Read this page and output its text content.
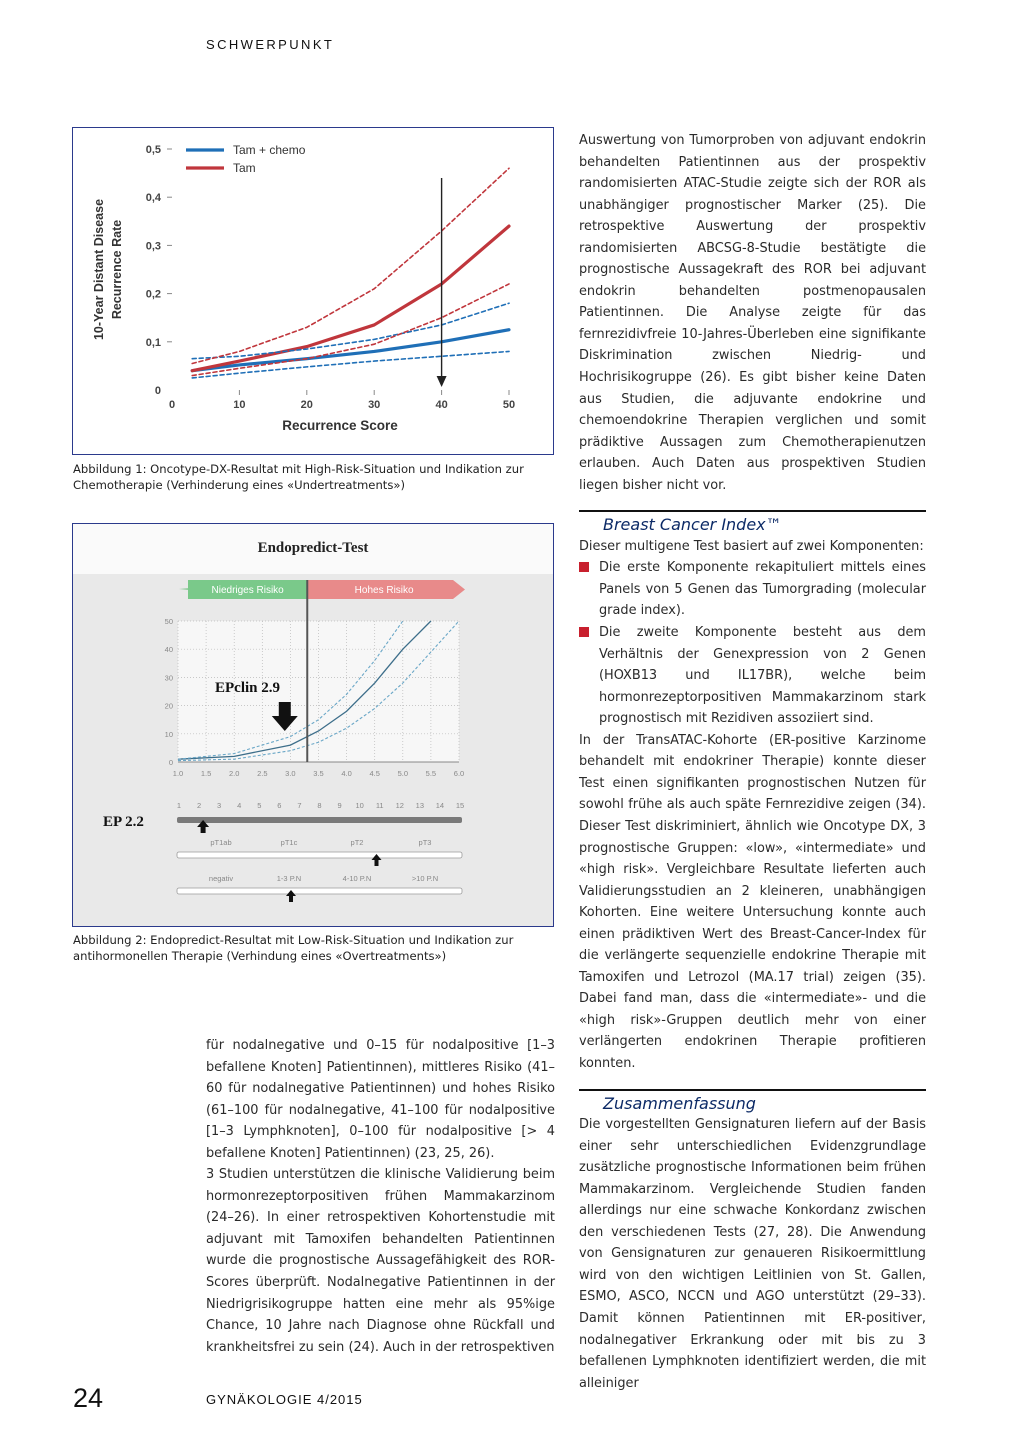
SCHWERPUNKT
0
0,1
0,2
0,3
0,4
0,5
0	10	20	30	40	50
Recurrence Score
10-Year Distant Disease Recurrence Rate
Tam + chemo
Tam
Abbildung 1: Oncotype-DX-Resultat mit High-Risk-Situation und Indikation zur Chemotherapie (Verhinderung eines «Undertreatments»)
Endopredict-Test
Niedriges Risiko	Hohes Risiko
1.0 1.5 2.0 2.5 3.0 3.5 4.0 4.5 5.0 5.5 6.0
0
10
20
30
40
50
EPclin 2.9
EP 2.2
1 2 3 4 5 6 7 8 9 10 11 12 13 14 15
pT1ab	pT1c	pT2	pT3
negativ	1-3 P.N	4-10 P.N	>10 P.N
Abbildung 2: Endopredict-Resultat mit Low-Risk-Situation und Indikation zur antihormonellen Therapie (Verhindung eines «Overtreatments»)

für nodalnegative und 0–15 für nodalpositive [1–3 befallene Knoten] Patientinnen), mittleres Risiko (41–60 für nodalnegative Patientinnen) und hohes Risiko (61–100 für nodalnegative, 41–100 für nodalpositive [1–3 Lymphknoten], 0–100 für nodalpositive [> 4 befallene Knoten] Patientinnen) (23, 25, 26).

3 Studien unterstützen die klinische Validierung beim hormonrezeptorpositiven frühen Mammakarzinom (24–26). In einer retrospektiven Kohortenstudie mit adjuvant mit Tamoxifen behandelten Patientinnen wurde die prognostische Aussagefähigkeit des ROR-Scores überprüft. Nodalnegative Patientinnen in der Niedrigrisikogruppe hatten eine mehr als 95%ige Chance, 10 Jahre nach Diagnose ohne Rückfall und krankheitsfrei zu sein (24). Auch in der retrospektiven

Auswertung von Tumorproben von adjuvant endokrin behandelten Patientinnen aus der prospektiv randomisierten ATAC-Studie zeigte sich der ROR als unabhängiger prognostischer Marker (25). Die retrospektive Auswertung der prospektiv randomisierten ABCSG-8-Studie bestätigte die prognostische Aussagekraft des ROR bei adjuvant endokrin behandelten postmenopausalen Patientinnen. Die Analyse zeigte für das fernrezidivfreie 10-Jahres-Überleben eine signifikante Diskrimination zwischen Niedrig- und Hochrisikogruppe (26). Es gibt bisher keine Daten aus Studien, die adjuvante endokrine und chemoendokrine Therapien verglichen und somit prädiktive Aussagen zum Chemotherapienutzen erlauben. Auch Daten aus prospektiven Studien liegen bisher nicht vor.

Breast Cancer Index™

Dieser multigene Test basiert auf zwei Komponenten:

Die erste Komponente rekapituliert mittels eines Panels von 5 Genen das Tumorgrading (molecular grade index).
Die zweite Komponente besteht aus dem Verhältnis der Genexpression von 2 Genen (HOXB13 und IL17BR), welche beim hormonrezeptorpositiven Mammakarzinom stark prognostisch mit Rezidiven assoziiert sind.

In der TransATAC-Kohorte (ER-positive Karzinome behandelt mit endokriner Therapie) konnte dieser Test einen signifikanten prognostischen Nutzen für sowohl frühe als auch späte Fernrezidive zeigen (34). Dieser Test diskriminiert, ähnlich wie Oncotype DX, 3 prognostische Gruppen: «low», «intermediate» und «high risk». Vergleichbare Resultate lieferten auch Validierungsstudien an 2 kleineren, unabhängigen Kohorten. Eine weitere Untersuchung konnte auch einen prädiktiven Wert des Breast-Cancer-Index für die verlängerte sequenzielle endokrine Therapie mit Tamoxifen und Letrozol (MA.17 trial) zeigen (35). Dabei fand man, dass die «intermediate»- und die «high risk»-Gruppen deutlich mehr von einer verlängerten endokrinen Therapie profitieren konnten.

Zusammenfassung

Die vorgestellten Gensignaturen liefern auf der Basis einer sehr unterschiedlichen Evidenzgrundlage zusätzliche prognostische Informationen beim frühen Mammakarzinom. Vergleichende Studien fanden allerdings nur eine schwache Konkordanz zwischen den verschiedenen Tests (27, 28). Die Anwendung von Gensignaturen zur genaueren Risikoermittlung wird von den wichtigen Leitlinien von St. Gallen, ESMO, ASCO, NCCN und AGO unterstützt (29–33). Damit können Patientinnen mit ER-positiver, nodalnegativer Erkrankung oder mit bis zu 3 befallenen Lymphknoten identifiziert werden, die mit alleiniger

24	GYNÄKOLOGIE 4/2015
